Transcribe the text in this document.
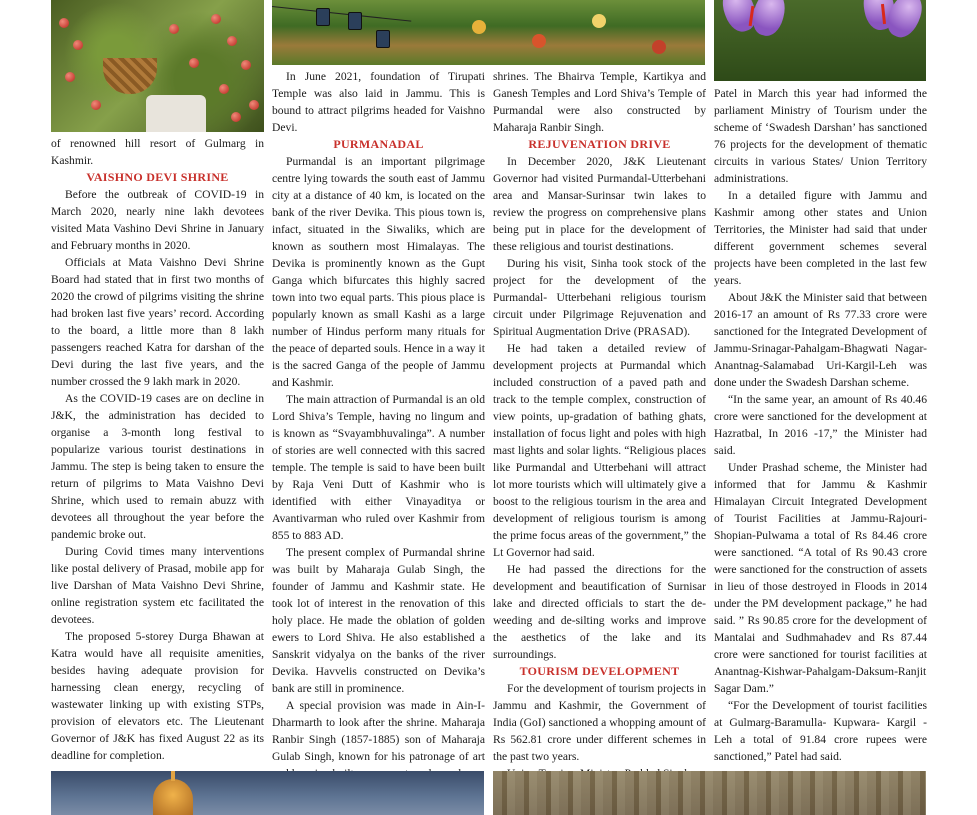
of renowned hill resort of Gulmarg in Kashmir.

VAISHNO DEVI SHRINE

Before the outbreak of COVID-19 in March 2020, nearly nine lakh devotees visited Mata Vashino Devi Shrine in January and February months in 2020.

Officials at Mata Vaishno Devi Shrine Board had stated that in first two months of 2020 the crowd of pilgrims visiting the shrine had broken last five years’ record. According to the board, a little more than 8 lakh passengers reached Katra for darshan of the Devi during the last five years, and the number crossed the 9 lakh mark in 2020.

As the COVID-19 cases are on decline in J&K, the administration has decided to organise a 3-month long festival to popularize various tourist destinations in Jammu. The step is being taken to ensure the return of pilgrims to Mata Vaishno Devi Shrine, which used to remain abuzz with devotees all throughout the year before the pandemic broke out.

During Covid times many interventions like postal delivery of Prasad, mobile app for live Darshan of Mata Vaishno Devi Shrine, online registration system etc facilitated the devotees.

The proposed 5-storey Durga Bhawan at Katra would have all requisite amenities, besides having adequate provision for harnessing clean energy, recycling of wastewater linking up with existing STPs, provision of elevators etc. The Lieutenant Governor of J&K has fixed August 22 as its deadline for completion.

In June 2021, foundation of Tirupati Temple was also laid in Jammu. This is bound to attract pilgrims headed for Vaishno Devi.

PURMANADAL

Purmandal is an important pilgrimage centre lying towards the south east of Jammu city at a distance of 40 km, is located on the bank of the river Devika. This pious town is, infact, situated in the Siwaliks, which are known as southern most Himalayas. The Devika is prominently known as the Gupt Ganga which bifurcates this highly sacred town into two equal parts. This pious place is popularly known as small Kashi as a large number of Hindus perform many rituals for the peace of departed souls. Hence in a way it is the sacred Ganga of the people of Jammu and Kashmir.

The main attraction of Purmandal is an old Lord Shiva’s Temple, having no lingum and is known as “Svayambhuvalinga”. A number of stories are well connected with this sacred temple. The temple is said to have been built by Raja Veni Dutt of Kashmir who is identified with either Vinayaditya or Avantivarman who ruled over Kashmir from 855 to 883 AD.

The present complex of Purmandal shrine was built by Maharaja Gulab Singh, the founder of Jammu and Kashmir state. He took lot of interest in the renovation of this holy place. He made the oblation of golden ewers to Lord Shiva. He also established a Sanskrit vidyalya on the banks of the river Devika. Havvelis constructed on Devika’s bank are still in prominence.

A special provision was made in Ain-I-Dharmarth to look after the shrine. Maharaja Ranbir Singh (1857-1885) son of Maharaja Gulab Singh, known for his patronage of art

shrines. The Bhairva Temple, Kartikya and Ganesh Temples and Lord Shiva’s Temple of Purmandal were also constructed by Maharaja Ranbir Singh.

REJUVENATION DRIVE

In December 2020, J&K Lieutenant Governor had visited Purmandal-Utterbehani area and Mansar-Surinsar twin lakes to review the progress on comprehensive plans being put in place for the development of these religious and tourist destinations.

During his visit, Sinha took stock of the project for the development of the Purmandal- Utterbehani religious tourism circuit under Pilgrimage Rejuvenation and Spiritual Augmentation Drive (PRASAD).

He had taken a detailed review of development projects at Purmandal which included construction of a paved path and track to the temple complex, construction of view points, up-gradation of bathing ghats, installation of focus light and poles with high mast lights and solar lights. “Religious places like Purmandal and Utterbehani will attract lot more tourists which will ultimately give a boost to the religious tourism in the area and development of religious tourism is among the prime focus areas of the government,” the Lt Governor had said.

He had passed the directions for the development and beautification of Surnisar lake and directed officials to start the de-weeding and de-silting works and improve the aesthetics of the lake and its surroundings.

TOURISM DEVELOPMENT

For the development of tourism projects in Jammu and Kashmir, the Government of India (GoI) sanctioned a whopping amount of Rs 562.81 crore under different schemes in the past two years.

Patel in March this year had informed the parliament Ministry of Tourism under the scheme of ‘Swadesh Darshan’ has sanctioned 76 projects for the development of thematic circuits in various States/ Union Territory administrations.

In a detailed figure with Jammu and Kashmir among other states and Union Territories, the Minister had said that under different government schemes several projects have been completed in the last few years.

About J&K the Minister said that between 2016-17 an amount of Rs 77.33 crore were sanctioned for the Integrated Development of Jammu-Srinagar-Pahalgam-Bhagwati Nagar- Anantnag-Salamabad Uri-Kargil-Leh was done under the Swadesh Darshan scheme.

“In the same year, an amount of Rs 40.46 crore were sanctioned for the development at Hazratbal, In 2016 -17,” the Minister had said.

Under Prashad scheme, the Minister had informed that for Jammu & Kashmir Himalayan Circuit Integrated Development of Tourist Facilities at Jammu-Rajouri-Shopian-Pulwama a total of Rs 84.46 crore were sanctioned. “A total of Rs 90.43 crore were sanctioned for the construction of assets in lieu of those destroyed in Floods in 2014 under the PM development package,” he had said. ” Rs 90.85 crore for the development of Mantalai and Sudhmahadev and Rs 87.44 crore were sanctioned for tourist facilities at Anantnag-Kishwar-Pahalgam-Daksum-Ranjit Sagar Dam.”

“For the Development of tourist facilities at Gulmarg-Baramulla- Kupwara- Kargil -Leh a total of 91.84 crore rupees were sanctioned,” Patel had said.
